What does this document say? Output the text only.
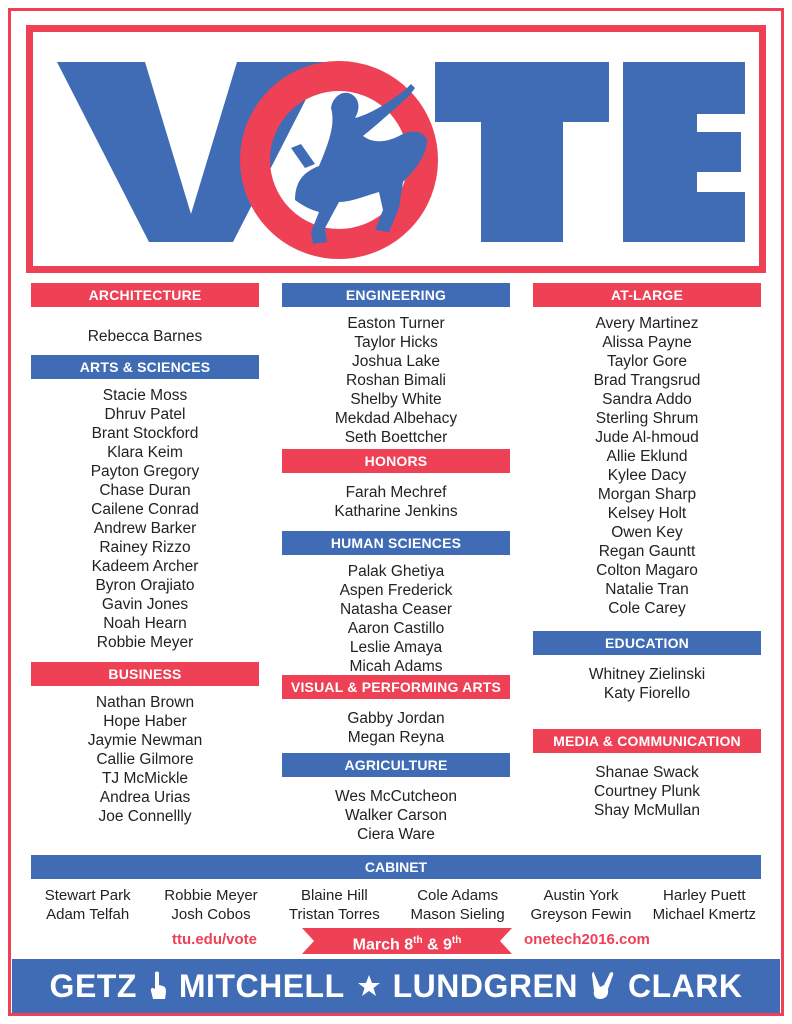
ARCHITECTURE
Rebecca Barnes
ARTS & SCIENCES
Stacie Moss
Dhruv Patel
Brant Stockford
Klara Keim
Payton Gregory
Chase Duran
Cailene Conrad
Andrew Barker
Rainey Rizzo
Kadeem Archer
Byron Orajiato
Gavin Jones
Noah Hearn
Robbie Meyer
BUSINESS
Nathan Brown
Hope Haber
Jaymie Newman
Callie Gilmore
TJ McMickle
Andrea Urias
Joe Connellly
ENGINEERING
Easton Turner
Taylor Hicks
Joshua Lake
Roshan Bimali
Shelby White
Mekdad Albehacy
Seth Boettcher
HONORS
Farah Mechref
Katharine Jenkins
HUMAN SCIENCES
Palak Ghetiya
Aspen Frederick
Natasha Ceaser
Aaron Castillo
Leslie Amaya
Micah Adams
VISUAL & PERFORMING ARTS
Gabby Jordan
Megan Reyna
AGRICULTURE
Wes McCutcheon
Walker Carson
Ciera Ware
AT-LARGE
Avery Martinez
Alissa Payne
Taylor Gore
Brad Trangsrud
Sandra Addo
Sterling Shrum
Jude Al-hmoud
Allie Eklund
Kylee Dacy
Morgan Sharp
Kelsey Holt
Owen Key
Regan Gauntt
Colton Magaro
Natalie Tran
Cole Carey
EDUCATION
Whitney Zielinski
Katy Fiorello
MEDIA & COMMUNICATION
Shanae Swack
Courtney Plunk
Shay McMullan
CABINET
Stewart Park	Robbie Meyer	Blaine Hill	Cole Adams	Austin York	Harley Puett
Adam Telfah	Josh Cobos	Tristan Torres	Mason Sieling	Greyson Fewin	Michael Kmertz
ttu.edu/vote	March 8th & 9th	onetech2016.com
GETZ MITCHELL LUNDGREN CLARK
